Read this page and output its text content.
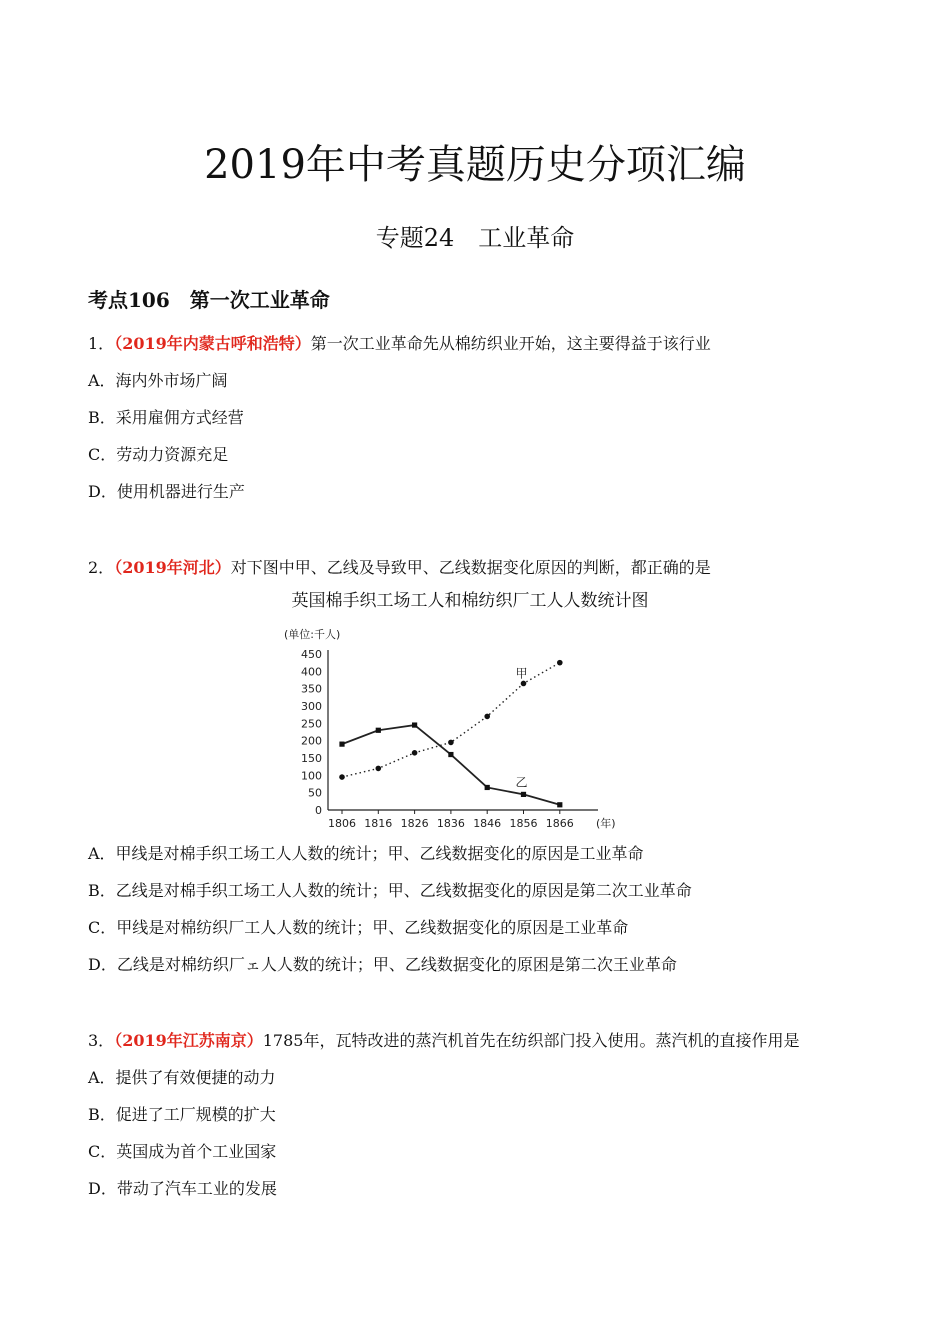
2019年中考真题历史分项汇编
专题24　工业革命
考点106　第一次工业革命
1．（2019年内蒙古呼和浩特）第一次工业革命先从棉纺织业开始，这主要得益于该行业
A．海内外市场广阔
B．采用雇佣方式经营
C．劳动力资源充足
D．使用机器进行生产
2．（2019年河北）对下图中甲、乙线及导致甲、乙线数据变化原因的判断，都正确的是
英国棉手织工场工人和棉纺织厂工人人数统计图
(单位:千人)
(年)
0
50
100
150
200
250
300
350
400
450
1806 1816 1826 1836 1846 1856 1866
甲
乙
A．甲线是对棉手织工场工人人数的统计；甲、乙线数据变化的原因是工业革命
B．乙线是对棉手织工场工人人数的统计；甲、乙线数据变化的原因是第二次工业革命
C．甲线是对棉纺织厂工人人数的统计；甲、乙线数据变化的原因是工业革命
D．乙线是对棉纺织厂ェ人人数的统计；甲、乙线数据变化的原困是第二次王业革命
3．（2019年江苏南京）1785年，瓦特改进的蒸汽机首先在纺织部门投入使用。蒸汽机的直接作用是
A．提供了有效便捷的动力
B．促进了工厂规模的扩大
C．英国成为首个工业国家
D．带动了汽车工业的发展
